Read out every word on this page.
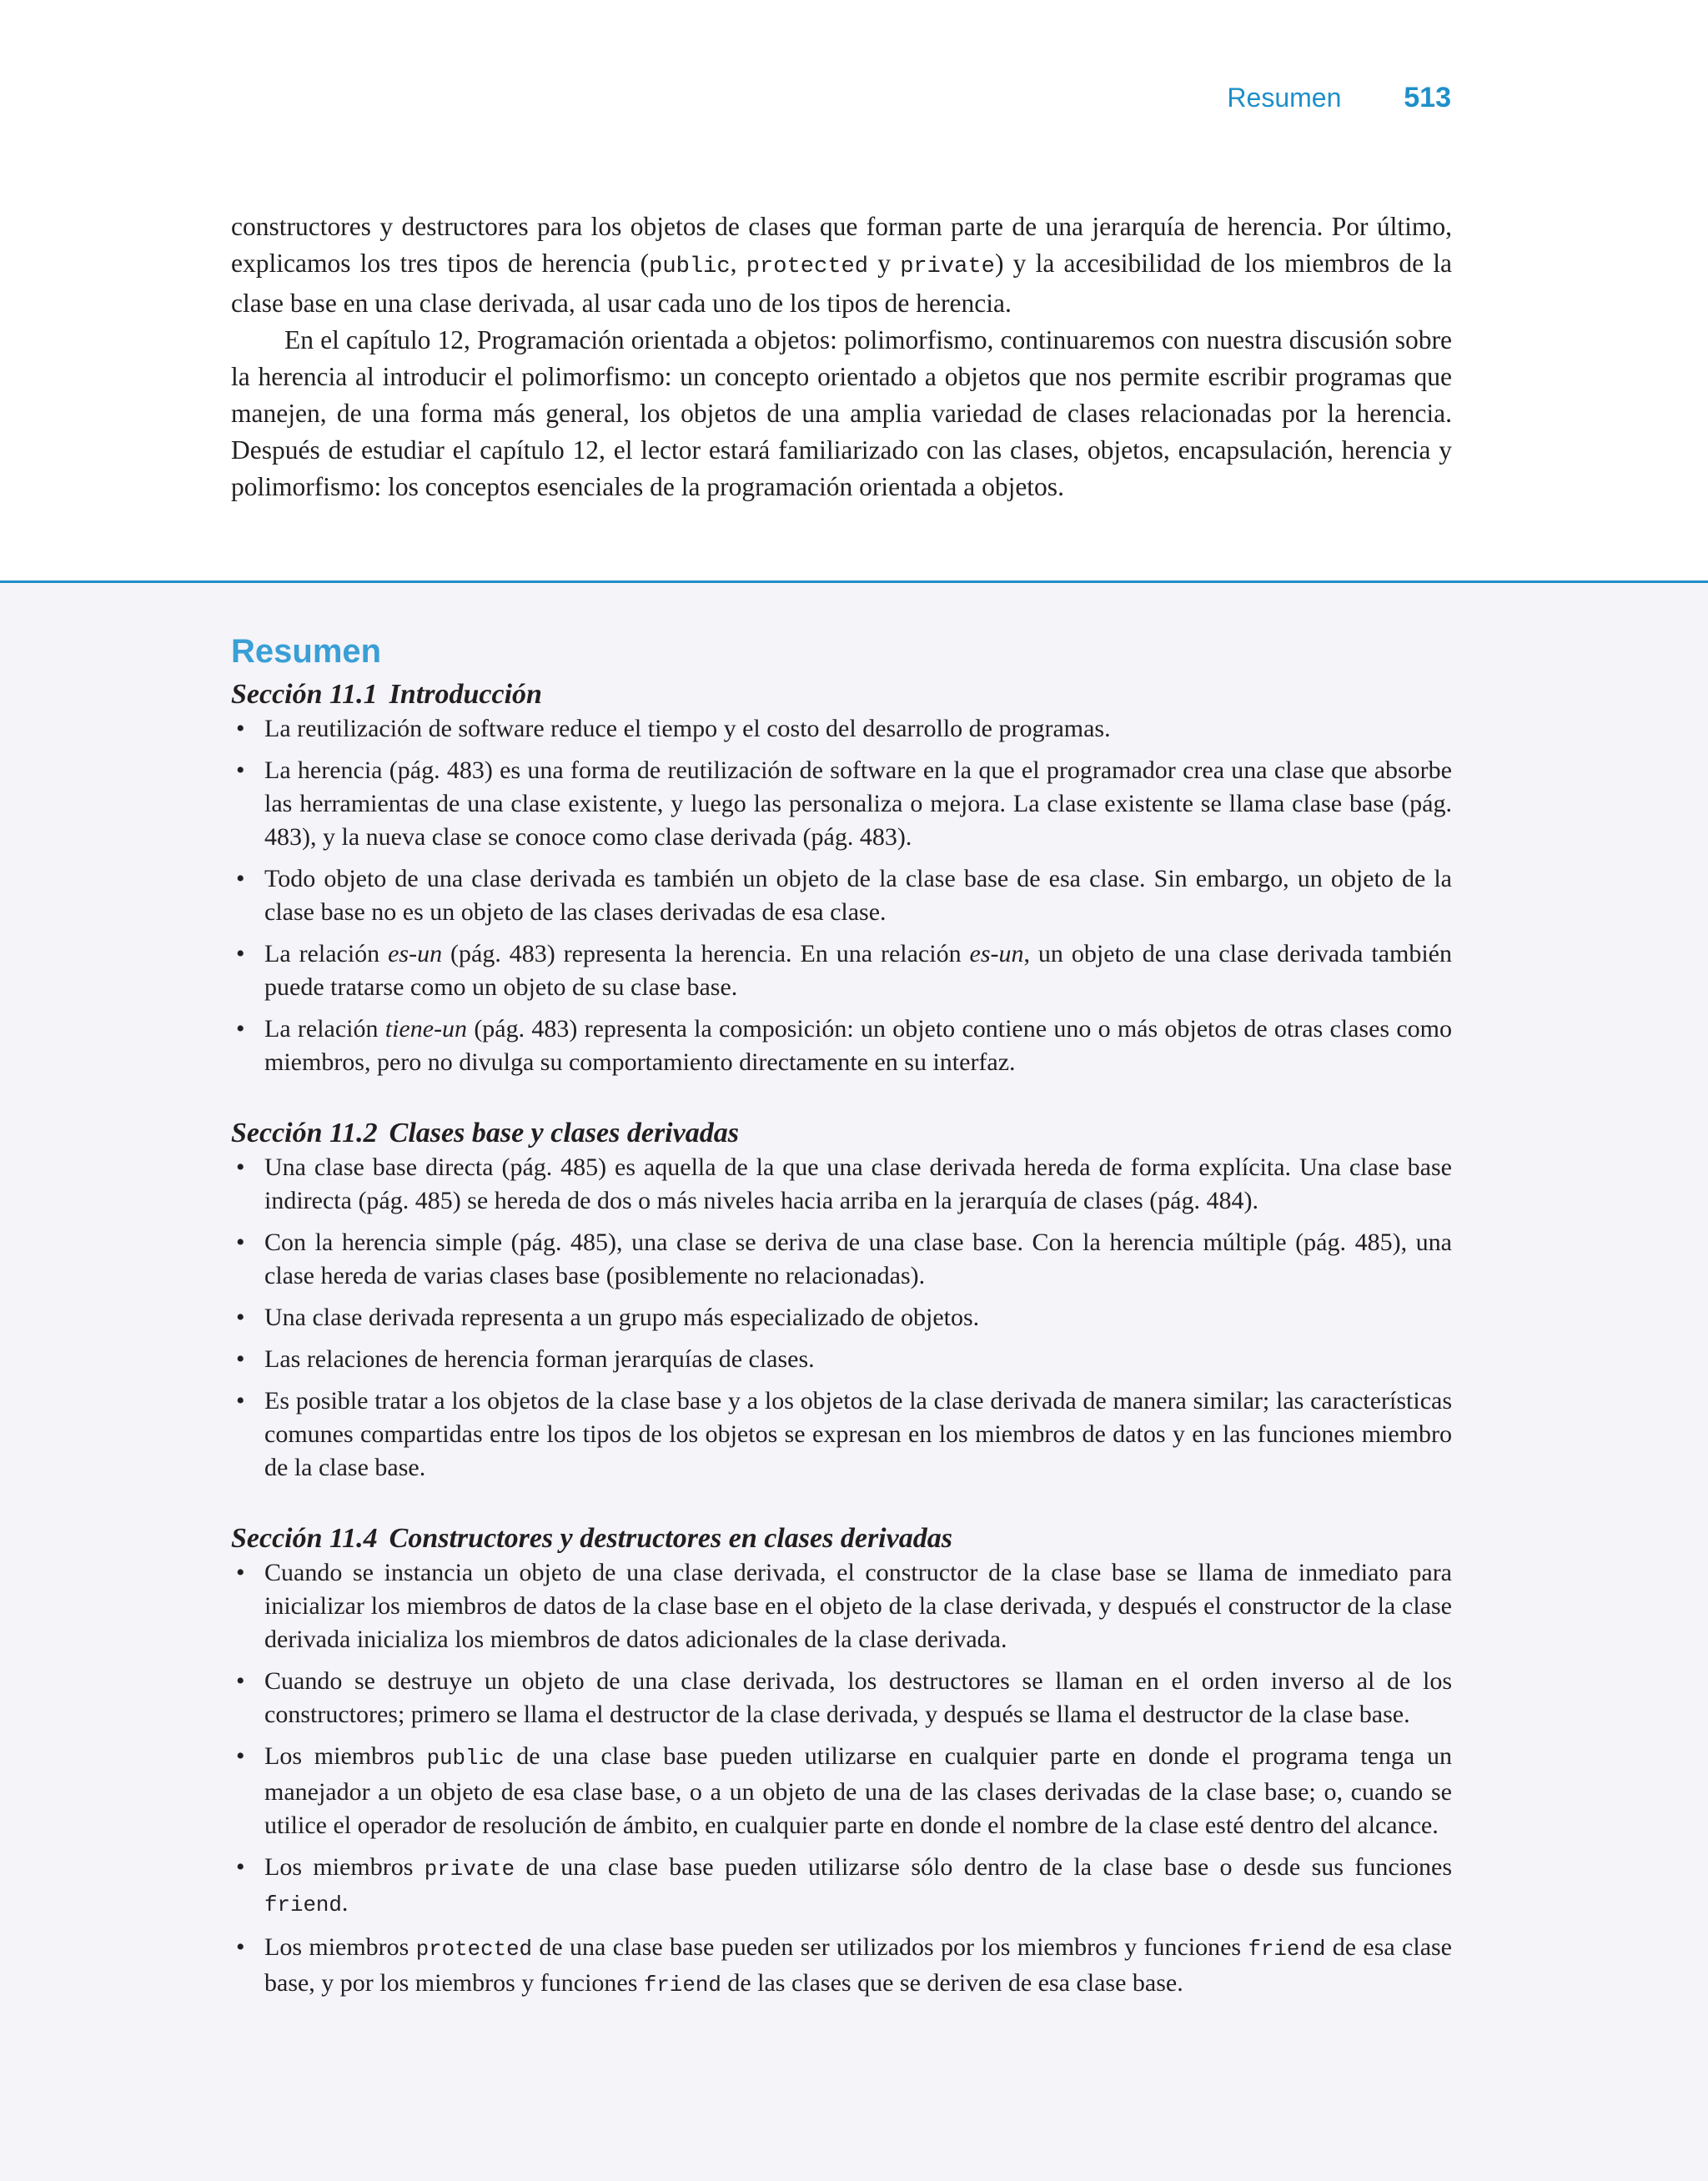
Resumen 513

constructores y destructores para los objetos de clases que forman parte de una jerarquía de herencia. Por último, explicamos los tres tipos de herencia (public, protected y private) y la accesibilidad de los miembros de la clase base en una clase derivada, al usar cada uno de los tipos de herencia.

En el capítulo 12, Programación orientada a objetos: polimorfismo, continuaremos con nuestra discusión sobre la herencia al introducir el polimorfismo: un concepto orientado a objetos que nos permite escribir programas que manejen, de una forma más general, los objetos de una amplia variedad de clases relacionadas por la herencia. Después de estudiar el capítulo 12, el lector estará familiarizado con las clases, objetos, encapsulación, herencia y polimorfismo: los conceptos esenciales de la programación orientada a objetos.

Resumen
Sección 11.1 Introducción
• La reutilización de software reduce el tiempo y el costo del desarrollo de programas.
• La herencia (pág. 483) es una forma de reutilización de software en la que el programador crea una clase que absorbe las herramientas de una clase existente, y luego las personaliza o mejora. La clase existente se llama clase base (pág. 483), y la nueva clase se conoce como clase derivada (pág. 483).
• Todo objeto de una clase derivada es también un objeto de la clase base de esa clase. Sin embargo, un objeto de la clase base no es un objeto de las clases derivadas de esa clase.
• La relación es-un (pág. 483) representa la herencia. En una relación es-un, un objeto de una clase derivada también puede tratarse como un objeto de su clase base.
• La relación tiene-un (pág. 483) representa la composición: un objeto contiene uno o más objetos de otras clases como miembros, pero no divulga su comportamiento directamente en su interfaz.
Sección 11.2 Clases base y clases derivadas
• Una clase base directa (pág. 485) es aquella de la que una clase derivada hereda de forma explícita. Una clase base indirecta (pág. 485) se hereda de dos o más niveles hacia arriba en la jerarquía de clases (pág. 484).
• Con la herencia simple (pág. 485), una clase se deriva de una clase base. Con la herencia múltiple (pág. 485), una clase hereda de varias clases base (posiblemente no relacionadas).
• Una clase derivada representa a un grupo más especializado de objetos.
• Las relaciones de herencia forman jerarquías de clases.
• Es posible tratar a los objetos de la clase base y a los objetos de la clase derivada de manera similar; las características comunes compartidas entre los tipos de los objetos se expresan en los miembros de datos y en las funciones miembro de la clase base.
Sección 11.4 Constructores y destructores en clases derivadas
• Cuando se instancia un objeto de una clase derivada, el constructor de la clase base se llama de inmediato para inicializar los miembros de datos de la clase base en el objeto de la clase derivada, y después el constructor de la clase derivada inicializa los miembros de datos adicionales de la clase derivada.
• Cuando se destruye un objeto de una clase derivada, los destructores se llaman en el orden inverso al de los constructores; primero se llama el destructor de la clase derivada, y después se llama el destructor de la clase base.
• Los miembros public de una clase base pueden utilizarse en cualquier parte en donde el programa tenga un manejador a un objeto de esa clase base, o a un objeto de una de las clases derivadas de la clase base; o, cuando se utilice el operador de resolución de ámbito, en cualquier parte en donde el nombre de la clase esté dentro del alcance.
• Los miembros private de una clase base pueden utilizarse sólo dentro de la clase base o desde sus funciones friend.
• Los miembros protected de una clase base pueden ser utilizados por los miembros y funciones friend de esa clase base, y por los miembros y funciones friend de las clases que se deriven de esa clase base.
